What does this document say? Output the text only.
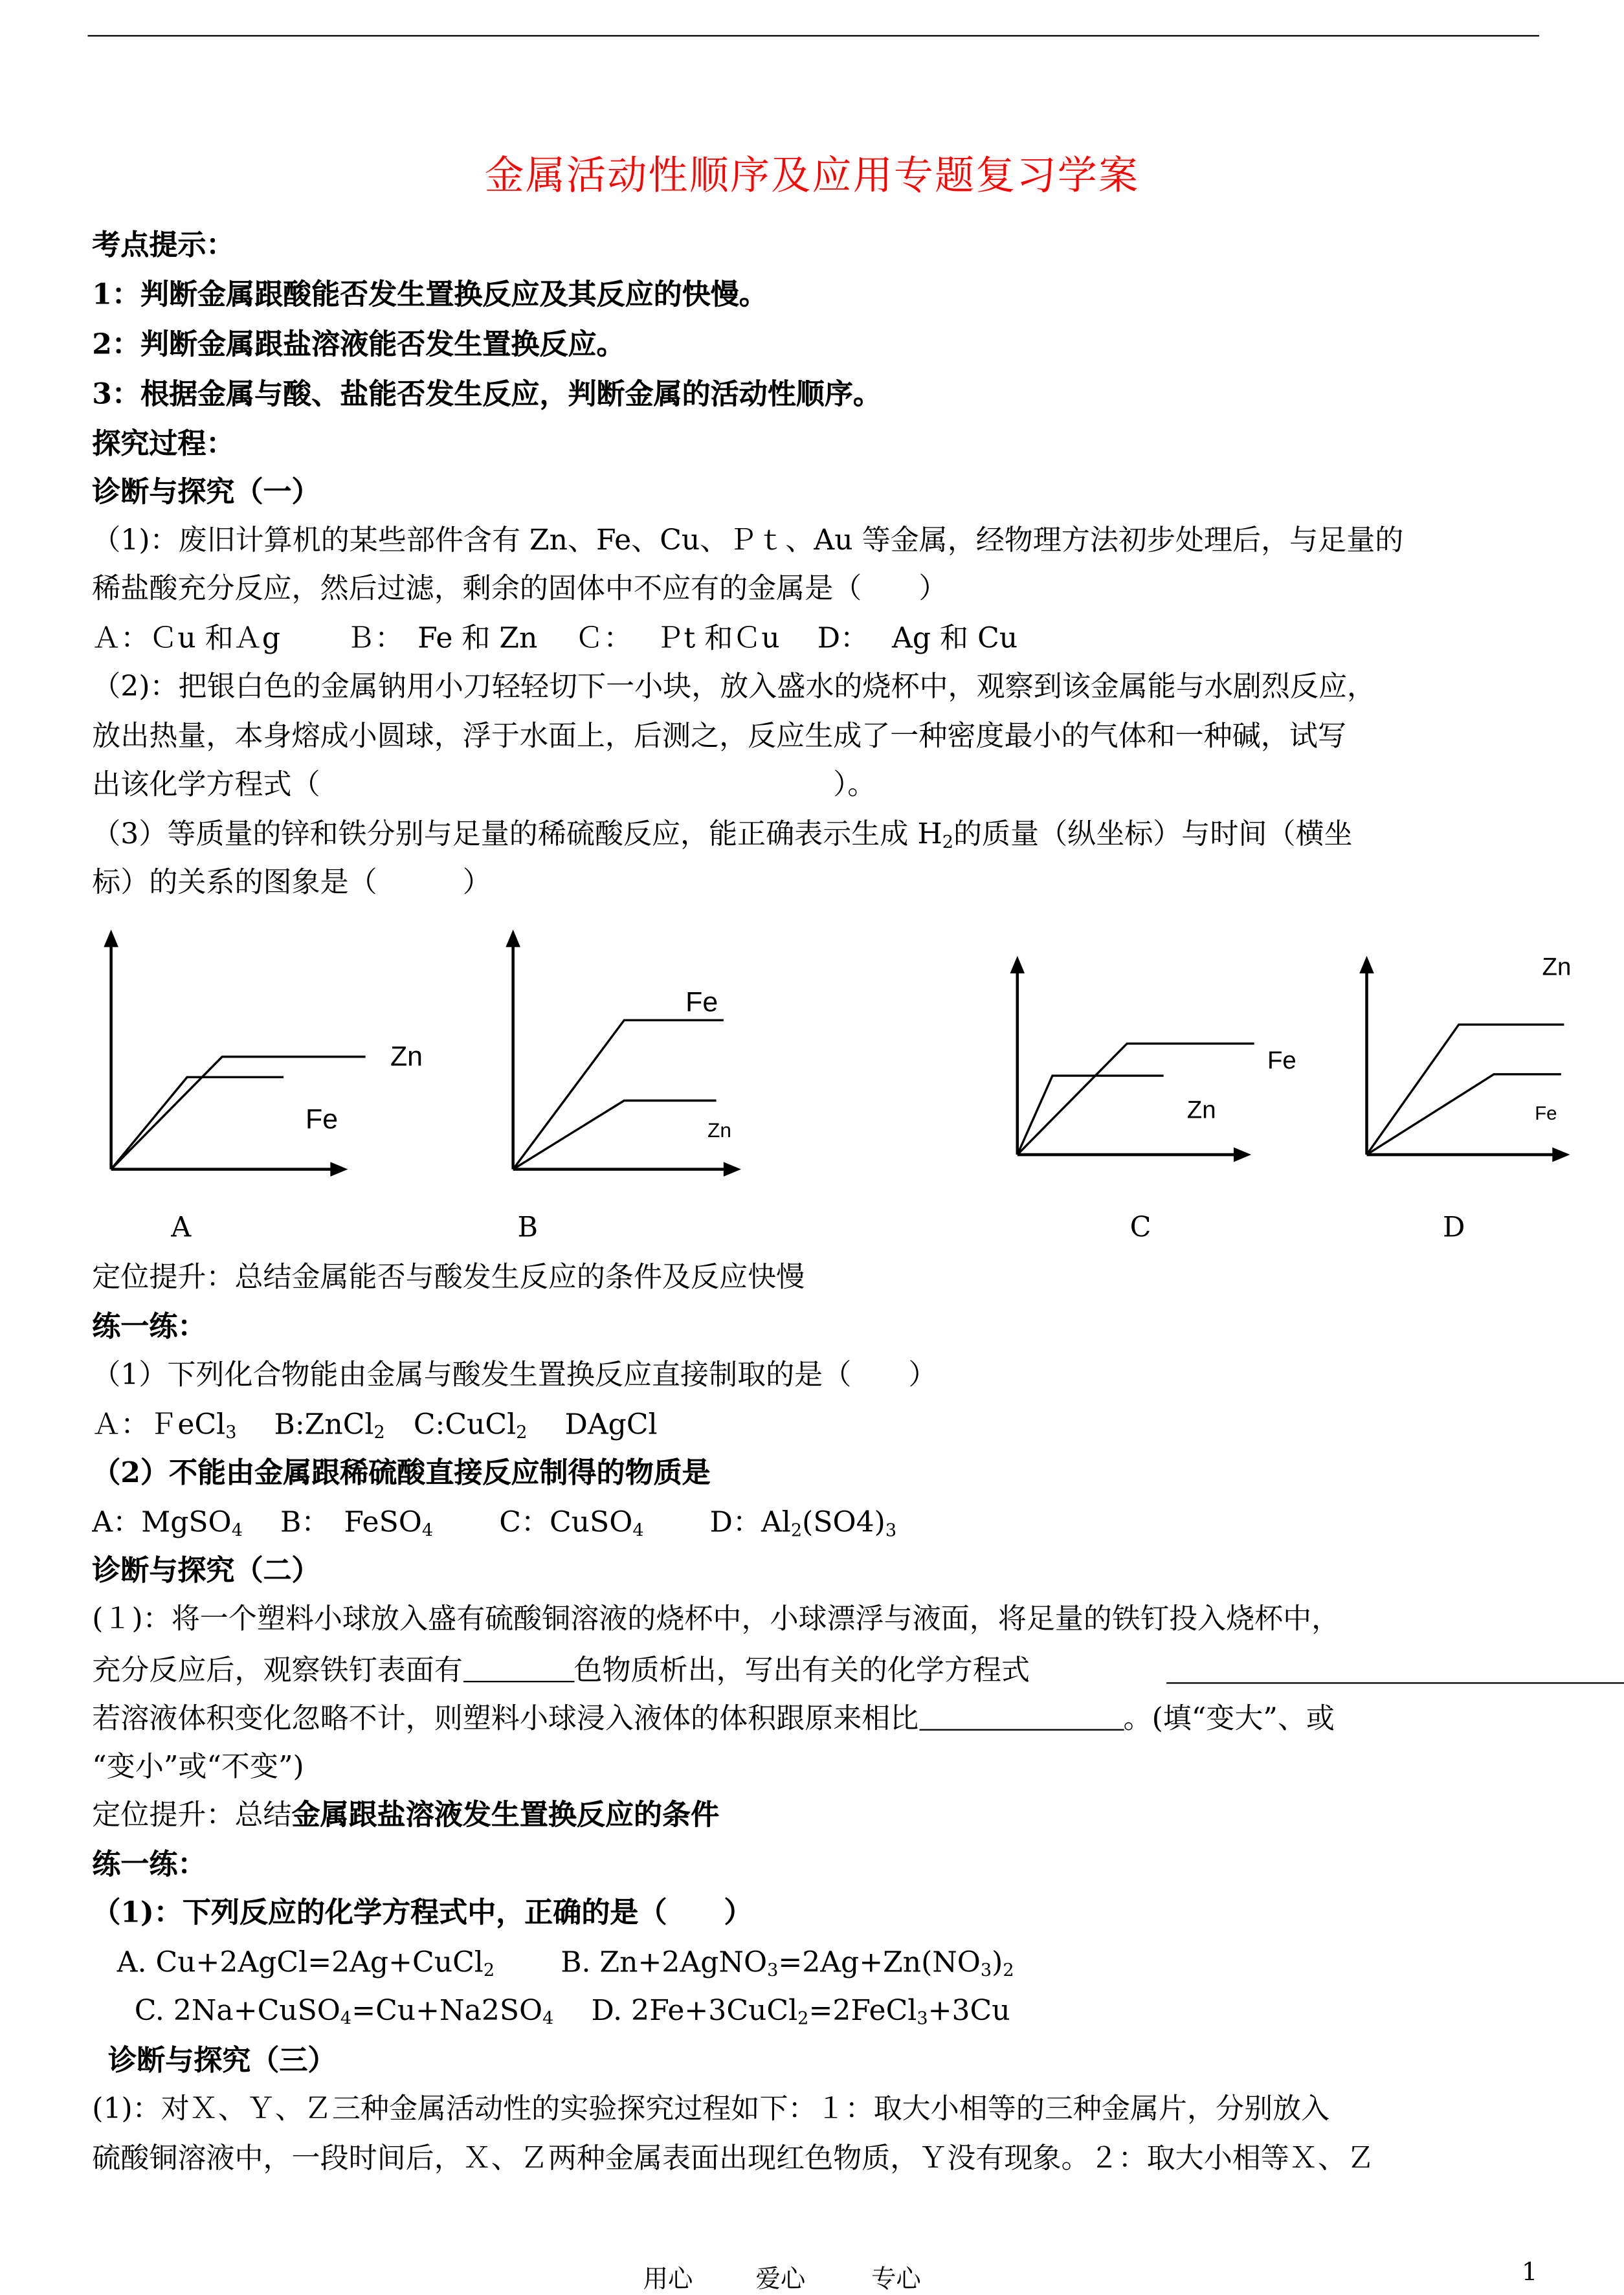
金属活动性顺序及应用专题复习学案
考点提示：
1：判断金属跟酸能否发生置换反应及其反应的快慢。
2：判断金属跟盐溶液能否发生置换反应。
3：根据金属与酸、盐能否发生反应，判断金属的活动性顺序。
探究过程：
诊断与探究（一）
（1)：废旧计算机的某些部件含有 Zn、Fe、Cu、Ｐｔ、Au 等金属，经物理方法初步处理后，与足量的
稀盐酸充分反应，然后过滤，剩余的固体中不应有的金属是（　　）
Ａ：Ｃu 和Ａg　　 Ｂ：　Fe 和 Zn　 Ｃ：　 Ｐt 和Ｃu　 D：　 Ag 和 Cu
（2)：把银白色的金属钠用小刀轻轻切下一小块，放入盛水的烧杯中，观察到该金属能与水剧烈反应，
放出热量，本身熔成小圆球，浮于水面上，后测之，反应生成了一种密度最小的气体和一种碱，试写
出该化学方程式（　　　　　　　　　　　　　　　　　　）。
（3）等质量的锌和铁分别与足量的稀硫酸反应，能正确表示生成 $H_2$的质量（纵坐标）与时间（横坐
标）的关系的图象是（　　　）
Zn
Fe
A
Fe
Zn
B
Fe
Zn
C
Zn
Fe
D
定位提升：总结金属能否与酸发生反应的条件及反应快慢
练一练：
（1）下列化合物能由金属与酸发生置换反应直接制取的是（　　）
Ａ：ＦeCl$_3$　	B:ZnCl$_2$　 C:CuCl$_2$　	DAgCl
（2）不能由金属跟稀硫酸直接反应制得的物质是
A：MgSO$_4$　	B：　FeSO$_4$　　	C：CuSO$_4$　　	D：$Al_2(SO4)_3$
诊断与探究（二）
(１)：将一个塑料小球放入盛有硫酸铜溶液的烧杯中，小球漂浮与液面，将足量的铁钉投入烧杯中，
充分反应后，观察铁钉表面有	色物质析出，写出有关的化学方程式
若溶液体积变化忽略不计，则塑料小球浸入液体的体积跟原来相比	。(填“变大”、或
“变小”或“不变”)
定位提升：总结金属跟盐溶液发生置换反应的条件
练一练：
（1)：下列反应的化学方程式中，正确的是（　　）
A. Cu+2AgCl=2Ag+CuCl$_2$　　	B. $Zn+2AgNO_3=2Ag+Zn(NO_3)_2$
C. $2Na+CuSO_4=Cu+Na2SO_4$　	D. 2Fe+3CuCl$_2$=2FeCl$_3$+3Cu
诊断与探究（三）
(1)：对Ｘ、Ｙ、Ｚ三种金属活动性的实验探究过程如下：１：取大小相等的三种金属片，分别放入
硫酸铜溶液中，一段时间后，Ｘ、Ｚ两种金属表面出现红色物质，Ｙ没有现象。２：取大小相等Ｘ、Ｚ
用心	爱心	专心	1
